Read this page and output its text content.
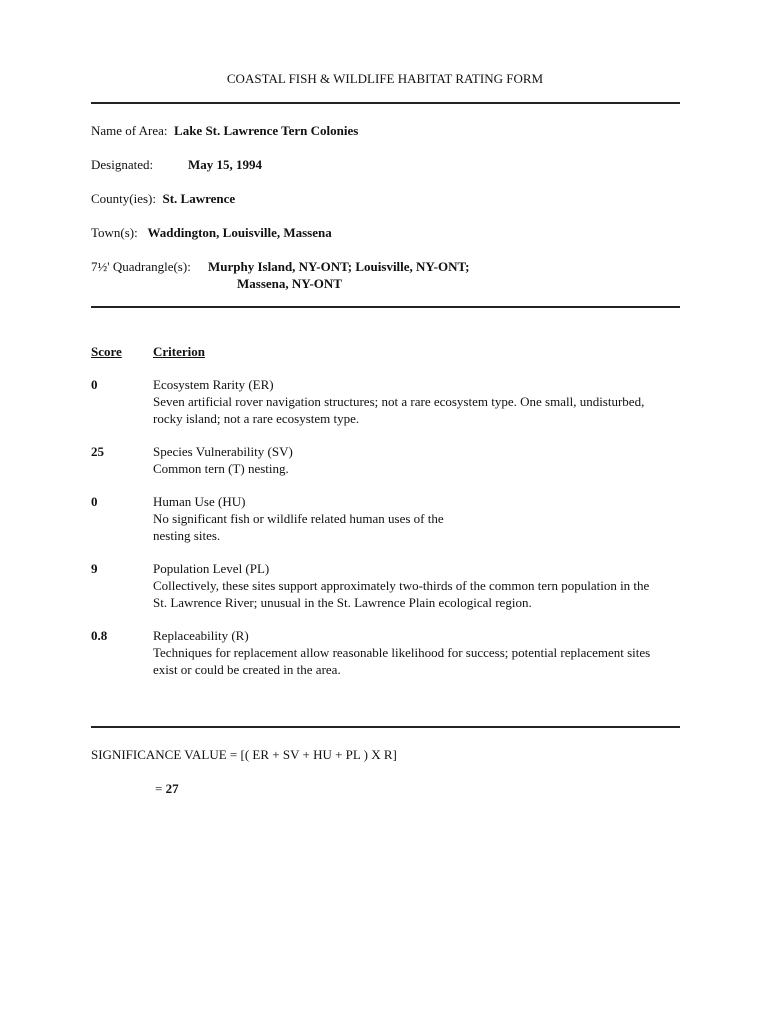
COASTAL FISH & WILDLIFE HABITAT RATING FORM
Name of Area: Lake St. Lawrence Tern Colonies
Designated:	May 15, 1994
County(ies): St. Lawrence
Town(s): Waddington, Louisville, Massena
7½' Quadrangle(s): Murphy Island, NY-ONT; Louisville, NY-ONT;
Massena, NY-ONT
Score Criterion
0	Ecosystem Rarity (ER)

Seven artificial rover navigation structures; not a rare ecosystem type. One small, undisturbed,

rocky island; not a rare ecosystem type.

25	Species Vulnerability (SV)

Common tern (T) nesting.

0	Human Use (HU)

No significant fish or wildlife related human uses of the

nesting sites.

9	Population Level (PL)

Collectively, these sites support approximately two-thirds of the common tern population in the

St. Lawrence River; unusual in the St. Lawrence Plain ecological region.

0.8	Replaceability (R)

Techniques for replacement allow reasonable likelihood for success; potential replacement sites

exist or could be created in the area.

SIGNIFICANCE VALUE = [( ER + SV + HU + PL ) X R]
= 27
